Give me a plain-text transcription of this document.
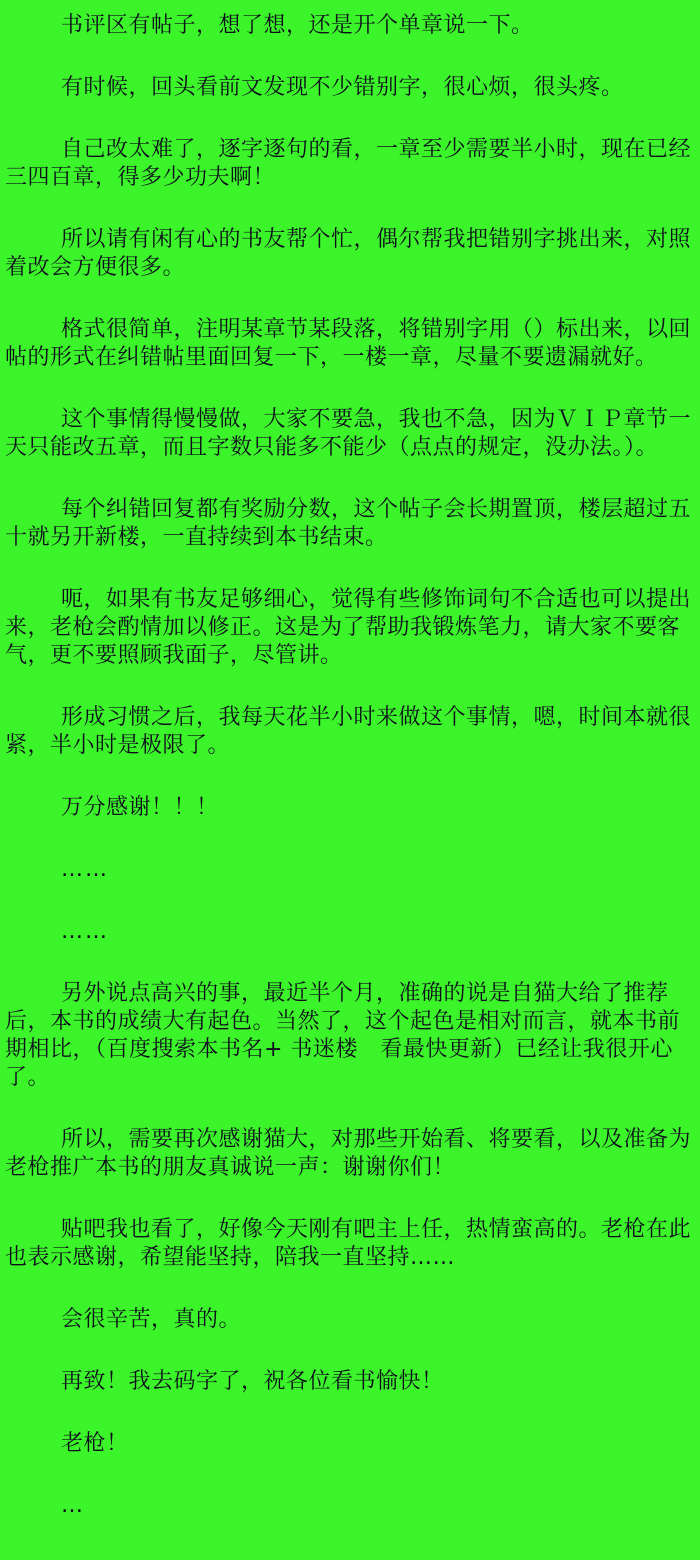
书评区有帖子，想了想，还是开个单章说一下。

有时候，回头看前文发现不少错别字，很心烦，很头疼。

自己改太难了，逐字逐句的看，一章至少需要半小时，现在已经三四百章，得多少功夫啊！

所以请有闲有心的书友帮个忙，偶尔帮我把错别字挑出来，对照着改会方便很多。

格式很简单，注明某章节某段落，将错别字用（）标出来，以回帖的形式在纠错帖里面回复一下，一楼一章，尽量不要遗漏就好。

这个事情得慢慢做，大家不要急，我也不急，因为ＶＩＰ章节一天只能改五章，而且字数只能多不能少（点点的规定，没办法。）。

每个纠错回复都有奖励分数，这个帖子会长期置顶，楼层超过五十就另开新楼，一直持续到本书结束。

呃，如果有书友足够细心，觉得有些修饰词句不合适也可以提出来，老枪会酌情加以修正。这是为了帮助我锻炼笔力，请大家不要客气，更不要照顾我面子，尽管讲。

形成习惯之后，我每天花半小时来做这个事情，嗯，时间本就很紧，半小时是极限了。

万分感谢！！！

……

……

另外说点高兴的事，最近半个月，准确的说是自猫大给了推荐后，本书的成绩大有起色。当然了，这个起色是相对而言，就本书前期相比，（百度搜索本书名+ 书迷楼　看最快更新）已经让我很开心了。

所以，需要再次感谢猫大，对那些开始看、将要看，以及准备为老枪推广本书的朋友真诚说一声：谢谢你们！

贴吧我也看了，好像今天刚有吧主上任，热情蛮高的。老枪在此也表示感谢，希望能坚持，陪我一直坚持……

会很辛苦，真的。

再致！我去码字了，祝各位看书愉快！

老枪！

…
